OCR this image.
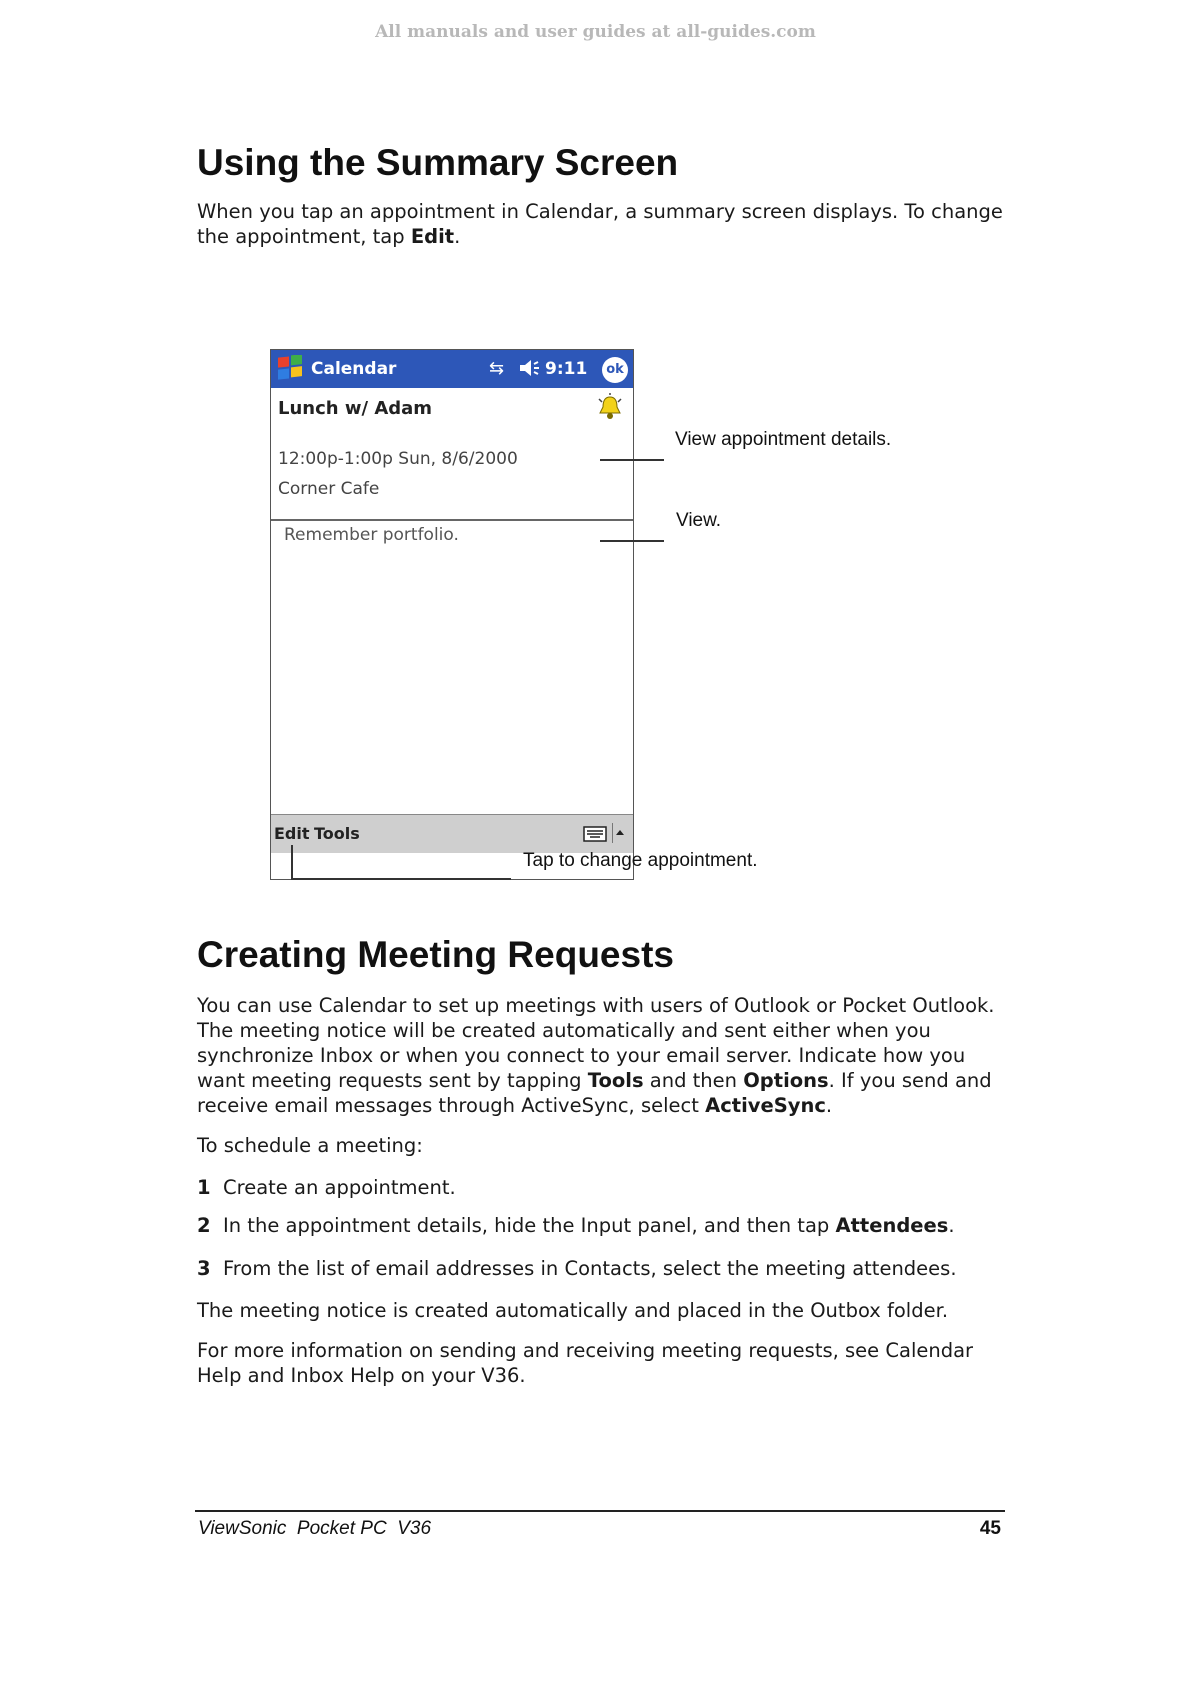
All manuals and user guides at all-guides.com
Using the Summary Screen

When you tap an appointment in Calendar, a summary screen displays. To change the appointment, tap Edit.

Calendar	⇆ 9:11	ok
Lunch w/ Adam
12:00p-1:00p Sun, 8/6/2000
Corner Cafe
Remember portfolio.
Edit Tools
View appointment details.
View.
Tap to change appointment.
Creating Meeting Requests

You can use Calendar to set up meetings with users of Outlook or Pocket Outlook. The meeting notice will be created automatically and sent either when you synchronize Inbox or when you connect to your email server. Indicate how you want meeting requests sent by tapping Tools and then Options. If you send and receive email messages through ActiveSync, select ActiveSync.

To schedule a meeting:

1 Create an appointment.

2 In the appointment details, hide the Input panel, and then tap Attendees.

3 From the list of email addresses in Contacts, select the meeting attendees.

The meeting notice is created automatically and placed in the Outbox folder.

For more information on sending and receiving meeting requests, see Calendar Help and Inbox Help on your V36.

ViewSonic  Pocket PC  V36	45
